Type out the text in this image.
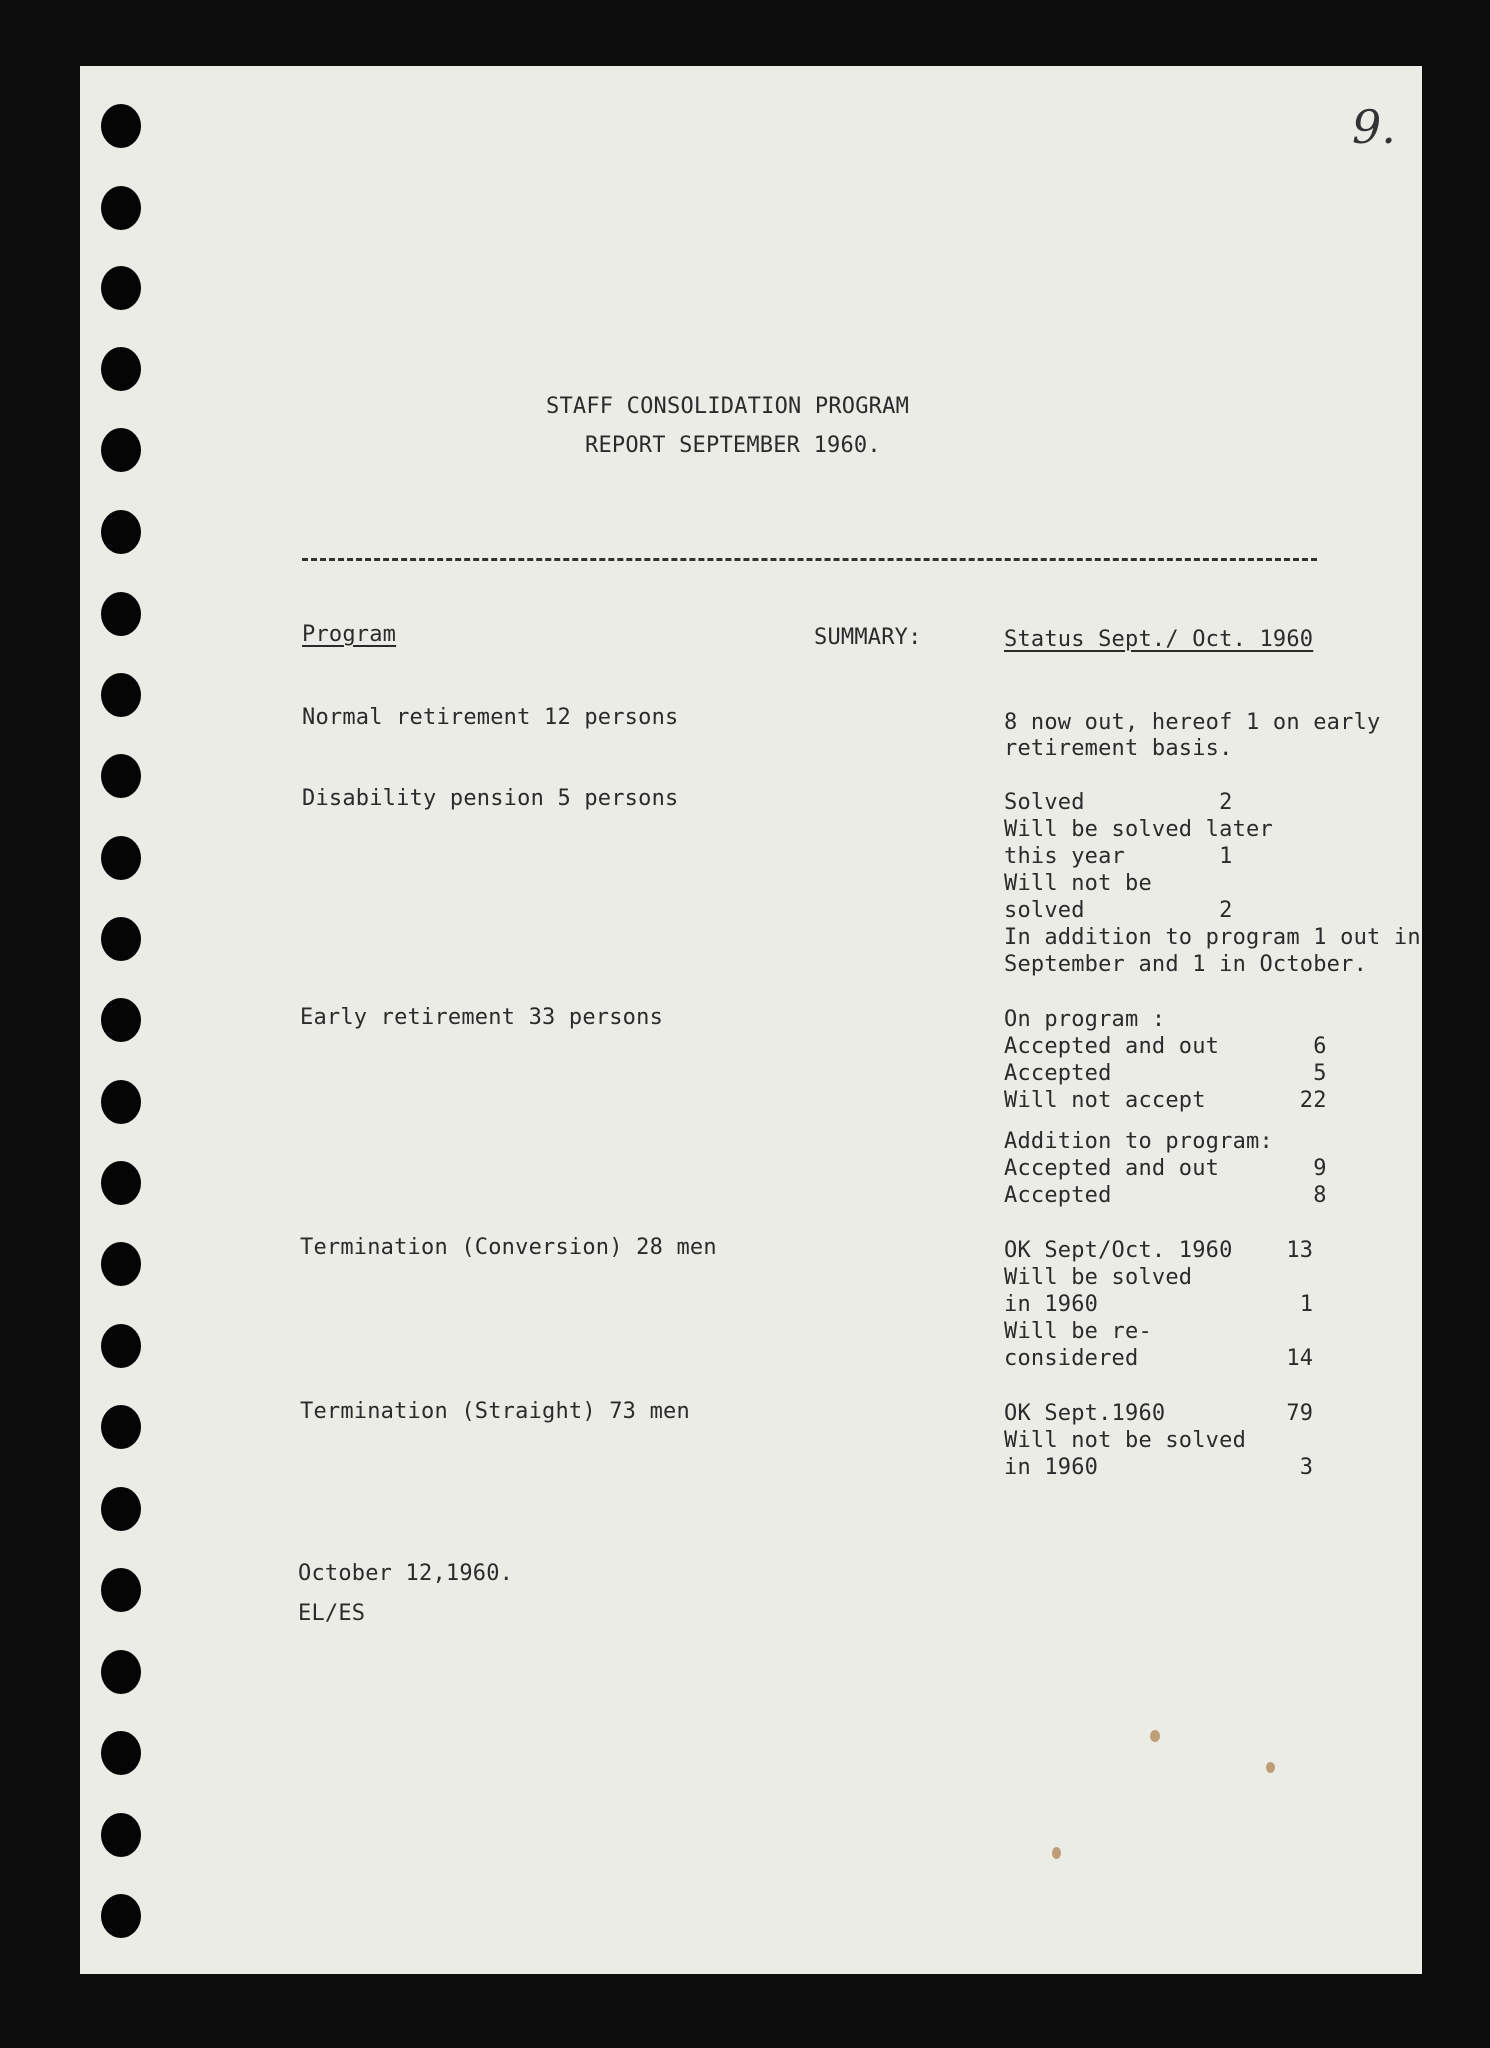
9.
STAFF CONSOLIDATION PROGRAM
REPORT SEPTEMBER 1960.
Program	SUMMARY:	Status Sept./ Oct. 1960
Normal retirement 12 persons	8 now out, hereof 1 on early
retirement basis.
Disability pension 5 persons	Solved          2
Will be solved later
this year       1
Will not be
solved          2
In addition to program 1 out in
September and 1 in October.
Early retirement 33 persons	On program :
Accepted and out       6
Accepted               5
Will not accept       22
Addition to program:
Accepted and out       9
Accepted               8
Termination (Conversion) 28 men	OK Sept/Oct. 1960    13
Will be solved
in 1960               1
Will be re-
considered           14
Termination (Straight) 73 men	OK Sept.1960         79
Will not be solved
in 1960               3
October 12,1960.
EL/ES
